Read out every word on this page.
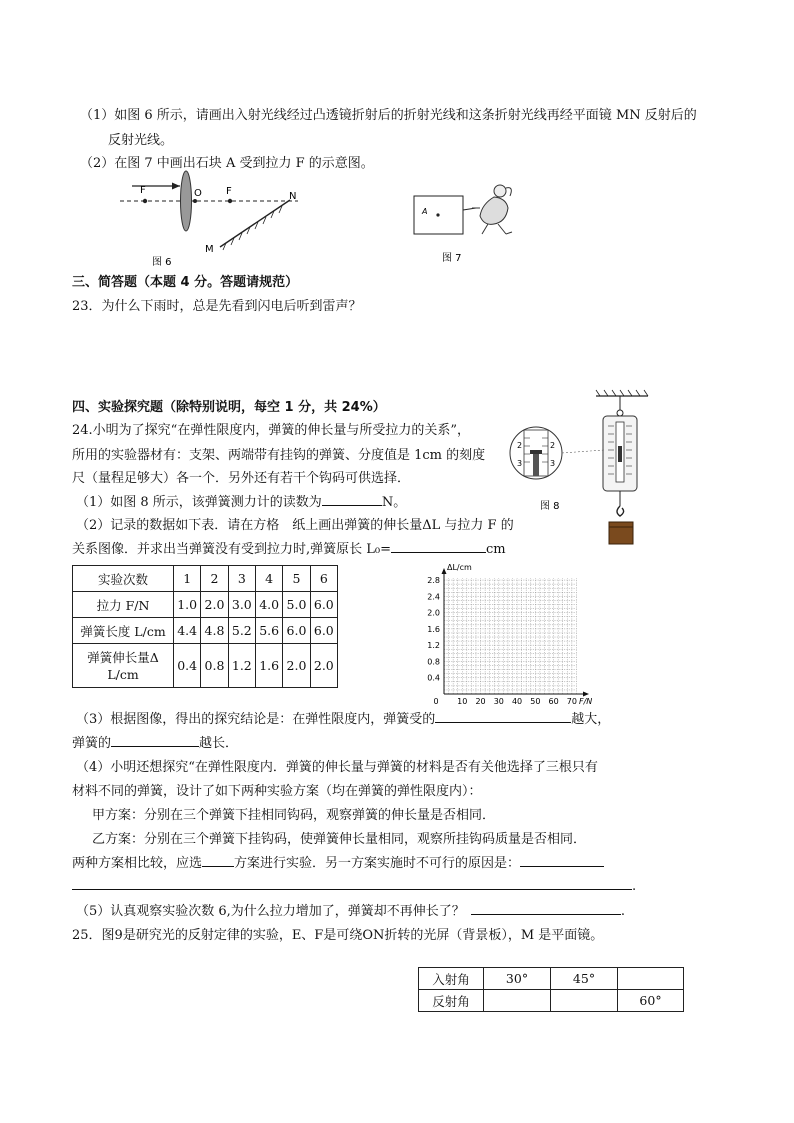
（1）如图 6 所示，请画出入射光线经过凸透镜折射后的折射光线和这条折射光线再经平面镜 MN 反射后的
反射光线。
（2）在图 7 中画出石块 A 受到拉力 F 的示意图。
F	O F	N
M
图 6
A
图 7
三、简答题（本题 4 分。答题请规范）
23．为什么下雨时，总是先看到闪电后听到雷声？
四、实验探究题（除特别说明，每空 1 分，共 24%）
24.小明为了探究“在弹性限度内，弹簧的伸长量与所受拉力的关系”，
所用的实验器材有：支架、两端带有挂钩的弹簧、分度值是 1cm 的刻度
尺（量程足够大）各一个．另外还有若干个钩码可供选择．
（1）如图 8 所示，该弹簧测力计的读数为	N。
（2）记录的数据如下表．请在方格　纸上画出弹簧的伸长量ΔL 与拉力 F 的
关系图像．并求出当弹簧没有受到拉力时,弹簧原长 L₀=	cm
2
3
2
3
图 8
实验次数	1	2	3	4	5	6
拉力 F/N	1.0	2.0	3.0	4.0	5.0	6.0
弹簧长度 L/cm	4.4	4.8	5.2	5.6	6.0	6.0
弹簧伸长量Δ L/cm	0.4	0.8	1.2	1.6	2.0	2.0
0.4
0.8
1.2
1.6
2.0
2.4
2.8
0 10 20 30 40 50 60 70
ΔL/cm
F/N
（3）根据图像，得出的探究结论是：在弹性限度内，弹簧受的	越大，
弹簧的	越长．
（4）小明还想探究“在弹性限度内．弹簧的伸长量与弹簧的材料是否有关他选择了三根只有
材料不同的弹簧，设计了如下两种实验方案（均在弹簧的弹性限度内）：
甲方案：分别在三个弹簧下挂相同钩码，观察弹簧的伸长量是否相同．
乙方案：分别在三个弹簧下挂钩码，使弹簧伸长量相同，观察所挂钩码质量是否相同．
两种方案相比较，应选 方案进行实验．另一方案实施时不可行的原因是：
.
（5）认真观察实验次数 6,为什么拉力增加了，弹簧却不再伸长了？	.
25．图9是研究光的反射定律的实验，E、F是可绕ON折转的光屏（背景板），M 是平面镜。
入射角	30°	45°	
反射角			60°
